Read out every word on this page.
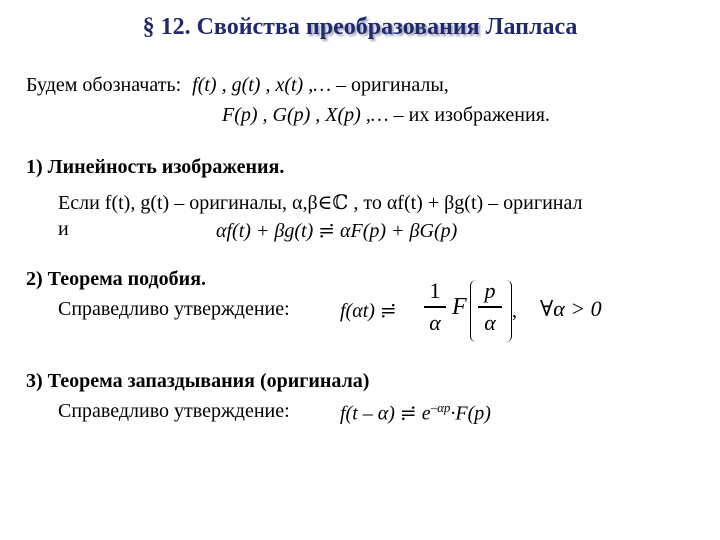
§ 12. Свойства преобразования Лапласа
Будем обозначать: f(t) , g(t) , x(t) ,… – оригиналы,
F(p) , G(p) , X(p) ,… – их изображения.
1) Линейность изображения.
Если f(t), g(t) – оригиналы, α,β∈ℂ , то αf(t) + βg(t) – оригинал
и	αf(t) + βg(t) ≓ αF(p) + βG(p)
2) Теорема подобия.
Справедливо утверждение:	f(αt) ≓
1
α
F
p
α , ∀α > 0
3) Теорема запаздывания (оригинала)
Справедливо утверждение:	f(t – α) ≓ $e^{-\alpha p}\cdot F(p)$
